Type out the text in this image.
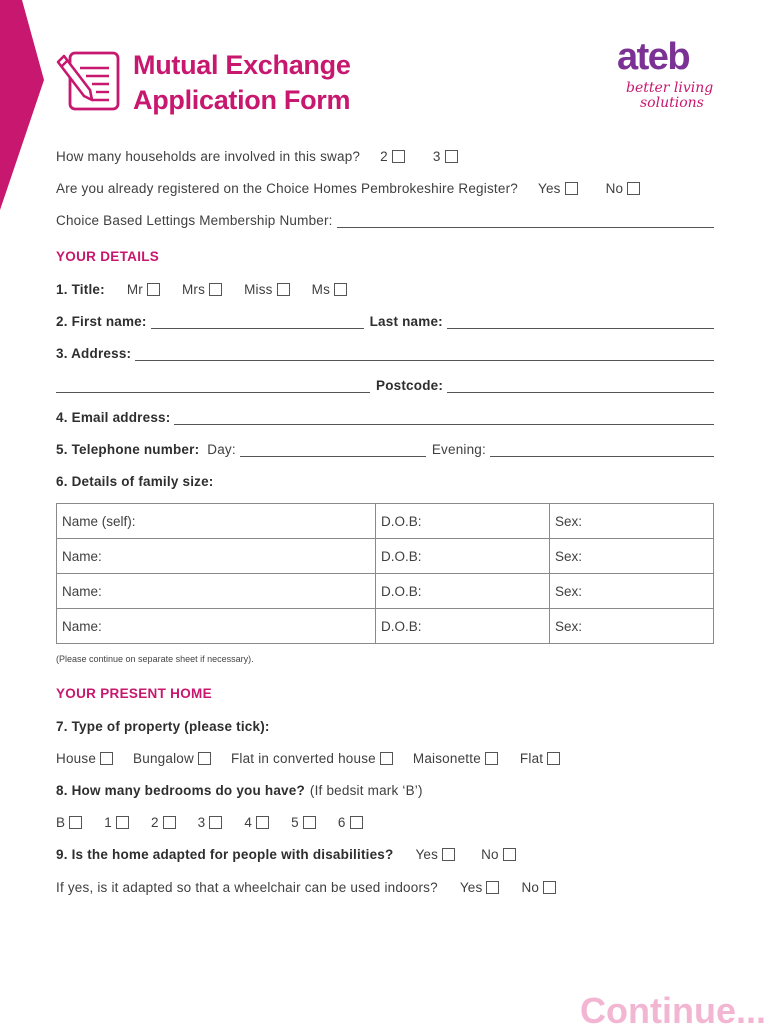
Mutual Exchange
Application Form
ateb
better living
solutions
How many households are involved in this swap? 2	3
Are you already registered on the Choice Homes Pembrokeshire Register? Yes	No
Choice Based Lettings Membership Number:
YOUR DETAILS
1. Title: Mr	Mrs	Miss	Ms
2. First name:	Last name:
3. Address:
Postcode:
4. Email address:
5. Telephone number: Day:	Evening:
6. Details of family size:
Name (self):	D.O.B:	Sex:
Name:	D.O.B:	Sex:
Name:	D.O.B:	Sex:
Name:	D.O.B:	Sex:
(Please continue on separate sheet if necessary).
YOUR PRESENT HOME
7. Type of property (please tick):
House	Bungalow	Flat in converted house	Maisonette	Flat
8. How many bedrooms do you have? (If bedsit mark ‘B’)
B	1	2	3	4	5	6
9. Is the home adapted for people with disabilities? Yes	No
If yes, is it adapted so that a wheelchair can be used indoors? Yes	No
Continue...
